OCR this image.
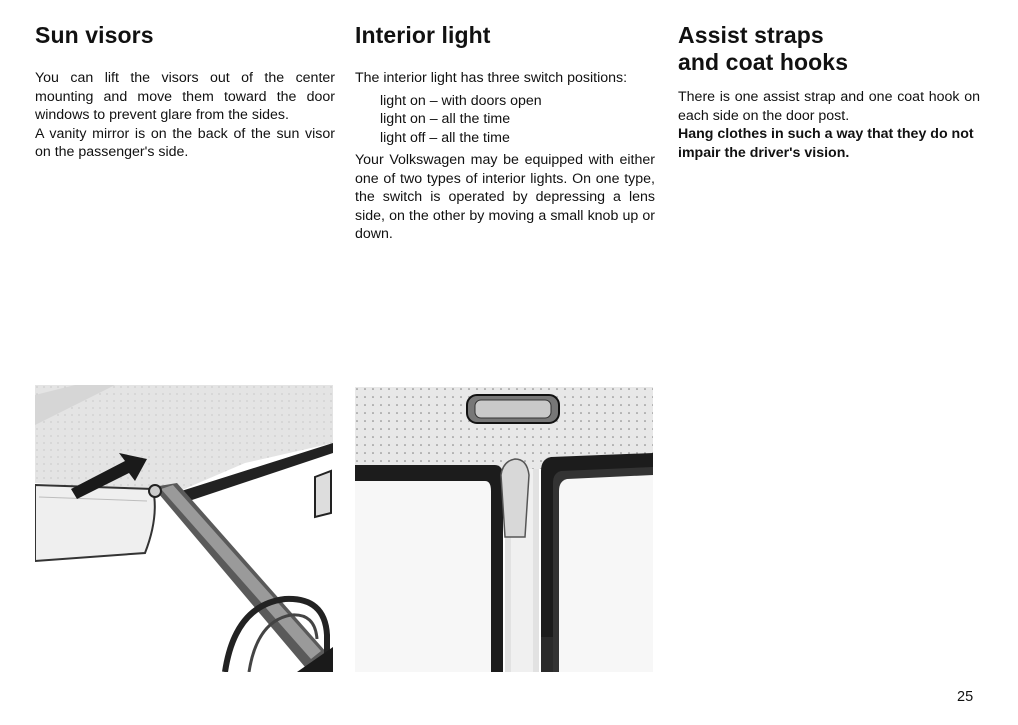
Sun visors

You can lift the visors out of the center mounting and move them toward the door windows to prevent glare from the sides.

A vanity mirror is on the back of the sun visor on the passenger's side.

Interior light

The interior light has three switch positions:

light on – with doors open
light on – all the time
light off – all the time

Your Volkswagen may be equipped with either one of two types of interior lights. On one type, the switch is operated by depressing a lens side, on the other by moving a small knob up or down.

Assist straps
and coat hooks

There is one assist strap and one coat hook on each side on the door post.

Hang clothes in such a way that they do not impair the driver's vision.

25
